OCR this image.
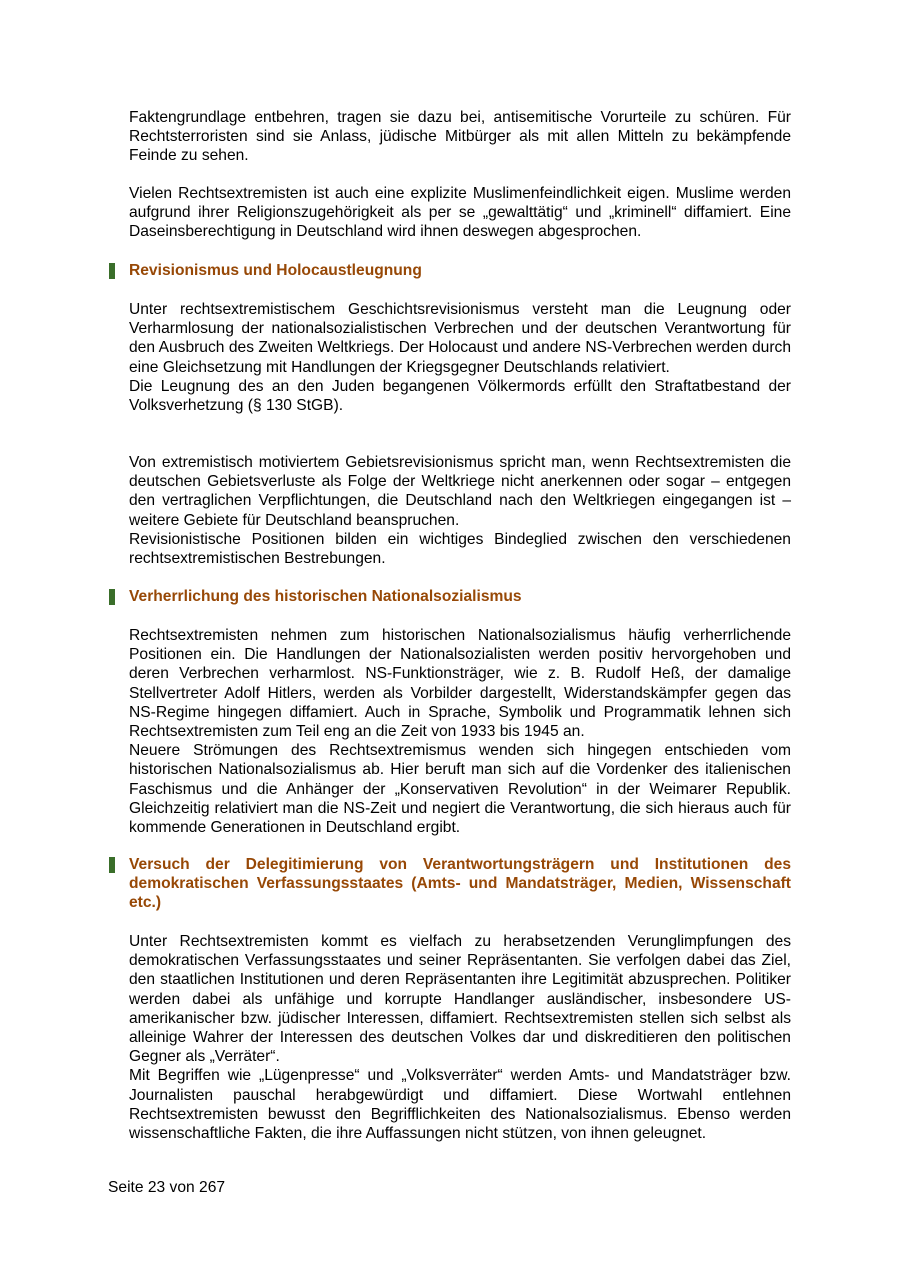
Faktengrundlage entbehren, tragen sie dazu bei, antisemitische Vorurteile zu schüren. Für Rechtsterroristen sind sie Anlass, jüdische Mitbürger als mit allen Mitteln zu bekämpfende Feinde zu sehen.

Vielen Rechtsextremisten ist auch eine explizite Muslimenfeindlichkeit eigen. Muslime werden aufgrund ihrer Religionszugehörigkeit als per se „gewalttätig“ und „kriminell“ diffamiert. Eine Daseinsberechtigung in Deutschland wird ihnen deswegen abgesprochen.

Revisionismus und Holocaustleugnung

Unter rechtsextremistischem Geschichtsrevisionismus versteht man die Leugnung oder Verharmlosung der nationalsozialistischen Verbrechen und der deutschen Verantwortung für den Ausbruch des Zweiten Weltkriegs. Der Holocaust und andere NS-Verbrechen werden durch eine Gleichsetzung mit Handlungen der Kriegsgegner Deutschlands relativiert.

Die Leugnung des an den Juden begangenen Völkermords erfüllt den Straftatbestand der Volksverhetzung (§ 130 StGB).

Von extremistisch motiviertem Gebietsrevisionismus spricht man, wenn Rechtsextremisten die deutschen Gebietsverluste als Folge der Weltkriege nicht anerkennen oder sogar – entgegen den vertraglichen Verpflichtungen, die Deutschland nach den Weltkriegen eingegangen ist – weitere Gebiete für Deutschland beanspruchen.

Revisionistische Positionen bilden ein wichtiges Bindeglied zwischen den verschiedenen rechtsextremistischen Bestrebungen.

Verherrlichung des historischen Nationalsozialismus

Rechtsextremisten nehmen zum historischen Nationalsozialismus häufig verherrlichende Positionen ein. Die Handlungen der Nationalsozialisten werden positiv hervorgehoben und deren Verbrechen verharmlost. NS-Funktionsträger, wie z. B. Rudolf Heß, der damalige Stellvertreter Adolf Hitlers, werden als Vorbilder dargestellt, Widerstandskämpfer gegen das NS-Regime hingegen diffamiert. Auch in Sprache, Symbolik und Programmatik lehnen sich Rechtsextremisten zum Teil eng an die Zeit von 1933 bis 1945 an.

Neuere Strömungen des Rechtsextremismus wenden sich hingegen entschieden vom historischen Nationalsozialismus ab. Hier beruft man sich auf die Vordenker des italienischen Faschismus und die Anhänger der „Konservativen Revolution“ in der Weimarer Republik. Gleichzeitig relativiert man die NS-Zeit und negiert die Verantwortung, die sich hieraus auch für kommende Generationen in Deutschland ergibt.

Versuch der Delegitimierung von Verantwortungsträgern und Institutionen des demokratischen Verfassungsstaates (Amts- und Mandatsträger, Medien, Wissenschaft etc.)

Unter Rechtsextremisten kommt es vielfach zu herabsetzenden Verunglimpfungen des demokratischen Verfassungsstaates und seiner Repräsentanten. Sie verfolgen dabei das Ziel, den staatlichen Institutionen und deren Repräsentanten ihre Legitimität abzusprechen. Politiker werden dabei als unfähige und korrupte Handlanger ausländischer, insbesondere US-amerikanischer bzw. jüdischer Interessen, diffamiert. Rechtsextremisten stellen sich selbst als alleinige Wahrer der Interessen des deutschen Volkes dar und diskreditieren den politischen Gegner als „Verräter“.

Mit Begriffen wie „Lügenpresse“ und „Volksverräter“ werden Amts- und Mandatsträger bzw. Journalisten pauschal herabgewürdigt und diffamiert. Diese Wortwahl entlehnen Rechtsextremisten bewusst den Begrifflichkeiten des Nationalsozialismus. Ebenso werden wissenschaftliche Fakten, die ihre Auffassungen nicht stützen, von ihnen geleugnet.

Seite 23 von 267
